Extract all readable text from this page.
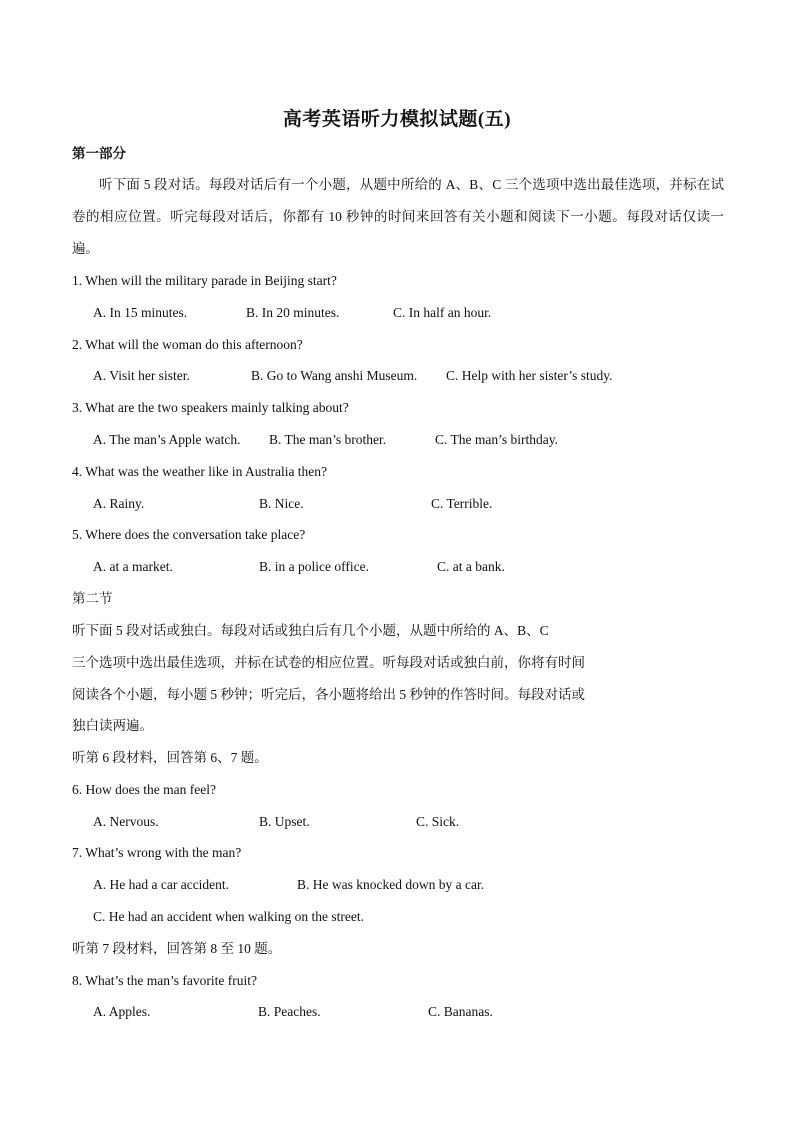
高考英语听力模拟试题(五)
第一部分
听下面 5 段对话。每段对话后有一个小题，从题中所给的 A、B、C 三个选项中选出最佳选项，并标在试卷的相应位置。听完每段对话后，你都有 10 秒钟的时间来回答有关小题和阅读下一小题。每段对话仅读一遍。
1. When will the military parade in Beijing start?
A. In 15 minutes.	B. In 20 minutes.	C. In half an hour.
2. What will the woman do this afternoon?
A. Visit her sister.	B. Go to Wang anshi Museum. C. Help with her sister’s study.
3. What are the two speakers mainly talking about?
A. The man’s Apple watch. B. The man’s brother.	C. The man’s birthday.
4. What was the weather like in Australia then?
A. Rainy.	B. Nice.	C. Terrible.
5. Where does the conversation take place?
A. at a market.	B. in a police office.	C. at a bank.
第二节
听下面 5 段对话或独白。每段对话或独白后有几个小题，从题中所给的 A、B、C
三个选项中选出最佳选项，并标在试卷的相应位置。听每段对话或独白前，你将有时间
阅读各个小题，每小题 5 秒钟；听完后，各小题将给出 5 秒钟的作答时间。每段对话或
独白读两遍。
听第 6 段材料，回答第 6、7 题。
6. How does the man feel?
A. Nervous.	B. Upset.	C. Sick.
7. What’s wrong with the man?
A. He had a car accident.	B. He was knocked down by a car.
C. He had an accident when walking on the street.
听第 7 段材料，回答第 8 至 10 题。
8. What’s the man’s favorite fruit?
A. Apples.	B. Peaches.	C. Bananas.
